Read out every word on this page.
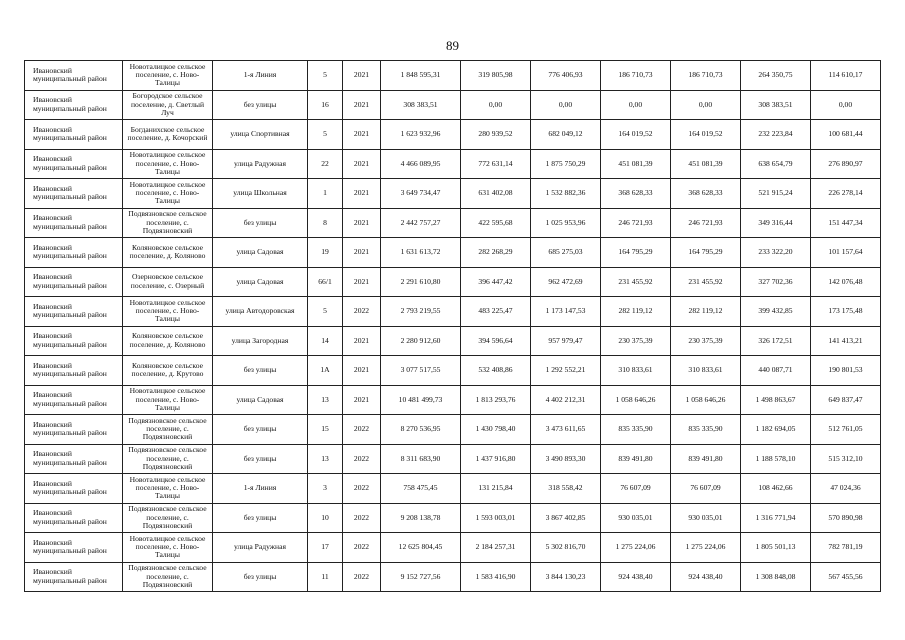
89
Ивановский муниципальный район	Новоталицкое сельское поселение, с. Ново-Талицы	1-я Линия	5	2021	1 848 595,31	319 805,98	776 406,93	186 710,73	186 710,73	264 350,75	114 610,17
Ивановский муниципальный район	Богородское сельское поселение, д. Светлый Луч	без улицы	16	2021	308 383,51	0,00	0,00	0,00	0,00	308 383,51	0,00
Ивановский муниципальный район	Богданихское сельское поселение, д. Кочорский	улица Спортивная	5	2021	1 623 932,96	280 939,52	682 049,12	164 019,52	164 019,52	232 223,84	100 681,44
Ивановский муниципальный район	Новоталицкое сельское поселение, с. Ново-Талицы	улица Радужная	22	2021	4 466 089,95	772 631,14	1 875 750,29	451 081,39	451 081,39	638 654,79	276 890,97
Ивановский муниципальный район	Новоталицкое сельское поселение, с. Ново-Талицы	улица Школьная	1	2021	3 649 734,47	631 402,08	1 532 882,36	368 628,33	368 628,33	521 915,24	226 278,14
Ивановский муниципальный район	Подвязновское сельское поселение, с. Подвязновский	без улицы	8	2021	2 442 757,27	422 595,68	1 025 953,96	246 721,93	246 721,93	349 316,44	151 447,34
Ивановский муниципальный район	Коляновское сельское поселение, д. Коляново	улица Садовая	19	2021	1 631 613,72	282 268,29	685 275,03	164 795,29	164 795,29	233 322,20	101 157,64
Ивановский муниципальный район	Озерновское сельское поселение, с. Озерный	улица Садовая	66/1	2021	2 291 610,80	396 447,42	962 472,69	231 455,92	231 455,92	327 702,36	142 076,48
Ивановский муниципальный район	Новоталицкое сельское поселение, с. Ново-Талицы	улица Автодоровская	5	2022	2 793 219,55	483 225,47	1 173 147,53	282 119,12	282 119,12	399 432,85	173 175,48
Ивановский муниципальный район	Коляновское сельское поселение, д. Коляново	улица Загородная	14	2021	2 280 912,60	394 596,64	957 979,47	230 375,39	230 375,39	326 172,51	141 413,21
Ивановский муниципальный район	Коляновское сельское поселение, д. Крутово	без улицы	1А	2021	3 077 517,55	532 408,86	1 292 552,21	310 833,61	310 833,61	440 087,71	190 801,53
Ивановский муниципальный район	Новоталицкое сельское поселение, с. Ново-Талицы	улица Садовая	13	2021	10 481 499,73	1 813 293,76	4 402 212,31	1 058 646,26	1 058 646,26	1 498 863,67	649 837,47
Ивановский муниципальный район	Подвязновское сельское поселение, с. Подвязновский	без улицы	15	2022	8 270 536,95	1 430 798,40	3 473 611,65	835 335,90	835 335,90	1 182 694,05	512 761,05
Ивановский муниципальный район	Подвязновское сельское поселение, с. Подвязновский	без улицы	13	2022	8 311 683,90	1 437 916,80	3 490 893,30	839 491,80	839 491,80	1 188 578,10	515 312,10
Ивановский муниципальный район	Новоталицкое сельское поселение, с. Ново-Талицы	1-я Линия	3	2022	758 475,45	131 215,84	318 558,42	76 607,09	76 607,09	108 462,66	47 024,36
Ивановский муниципальный район	Подвязновское сельское поселение, с. Подвязновский	без улицы	10	2022	9 208 138,78	1 593 003,01	3 867 402,85	930 035,01	930 035,01	1 316 771,94	570 890,98
Ивановский муниципальный район	Новоталицкое сельское поселение, с. Ново-Талицы	улица Радужная	17	2022	12 625 804,45	2 184 257,31	5 302 816,70	1 275 224,06	1 275 224,06	1 805 501,13	782 781,19
Ивановский муниципальный район	Подвязновское сельское поселение, с. Подвязновский	без улицы	11	2022	9 152 727,56	1 583 416,90	3 844 130,23	924 438,40	924 438,40	1 308 848,08	567 455,56
